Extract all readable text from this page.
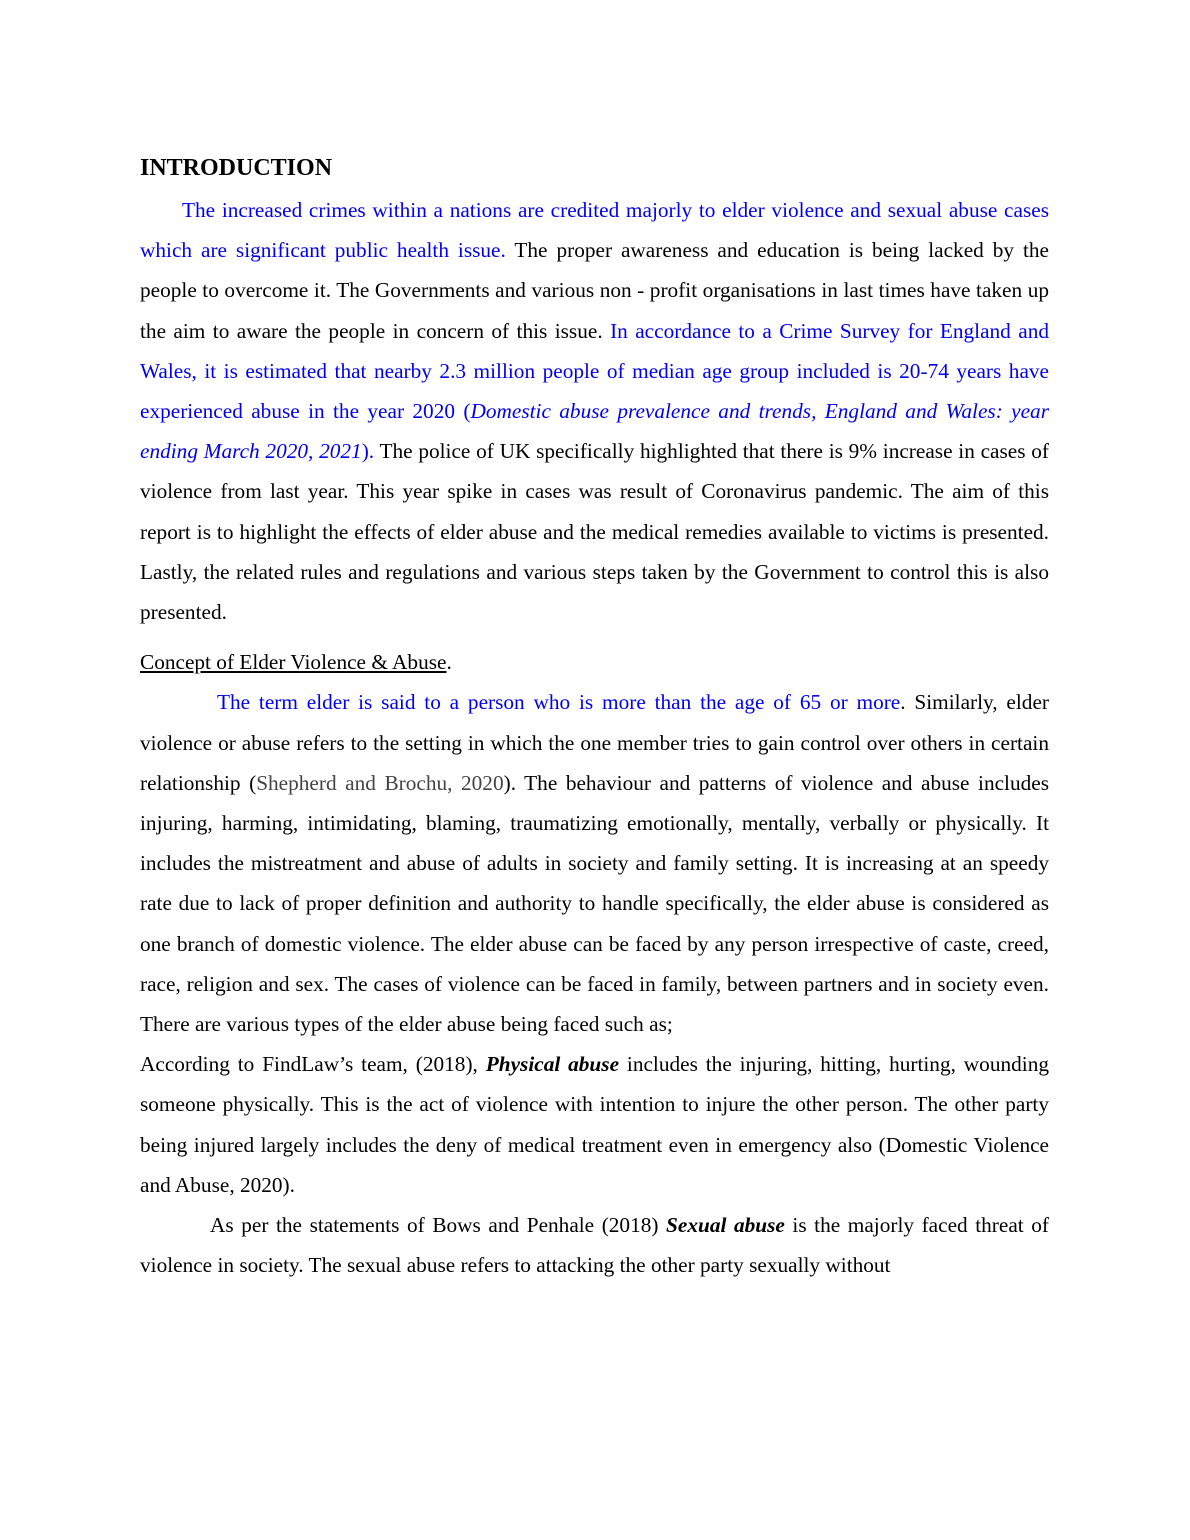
INTRODUCTION

The increased crimes within a nations are credited majorly to elder violence and sexual abuse cases which are significant public health issue. The proper awareness and education is being lacked by the people to overcome it. The Governments and various non - profit organisations in last times have taken up the aim to aware the people in concern of this issue. In accordance to a Crime Survey for England and Wales, it is estimated that nearby 2.3 million people of median age group included is 20-74 years have experienced abuse in the year 2020 (Domestic abuse prevalence and trends, England and Wales: year ending March 2020, 2021). The police of UK specifically highlighted that there is 9% increase in cases of violence from last year. This year spike in cases was result of Coronavirus pandemic. The aim of this report is to highlight the effects of elder abuse and the medical remedies available to victims is presented. Lastly, the related rules and regulations and various steps taken by the Government to control this is also presented.

Concept of Elder Violence & Abuse.

The term elder is said to a person who is more than the age of 65 or more. Similarly, elder violence or abuse refers to the setting in which the one member tries to gain control over others in certain relationship (Shepherd and Brochu, 2020). The behaviour and patterns of violence and abuse includes injuring, harming, intimidating, blaming, traumatizing emotionally, mentally, verbally or physically. It includes the mistreatment and abuse of adults in society and family setting. It is increasing at an speedy rate due to lack of proper definition and authority to handle specifically, the elder abuse is considered as one branch of domestic violence. The elder abuse can be faced by any person irrespective of caste, creed, race, religion and sex. The cases of violence can be faced in family, between partners and in society even. There are various types of the elder abuse being faced such as;

According to FindLaw’s team, (2018), Physical abuse includes the injuring, hitting, hurting, wounding someone physically. This is the act of violence with intention to injure the other person. The other party being injured largely includes the deny of medical treatment even in emergency also (Domestic Violence and Abuse, 2020).

As per the statements of Bows and Penhale (2018) Sexual abuse is the majorly faced threat of violence in society. The sexual abuse refers to attacking the other party sexually without
